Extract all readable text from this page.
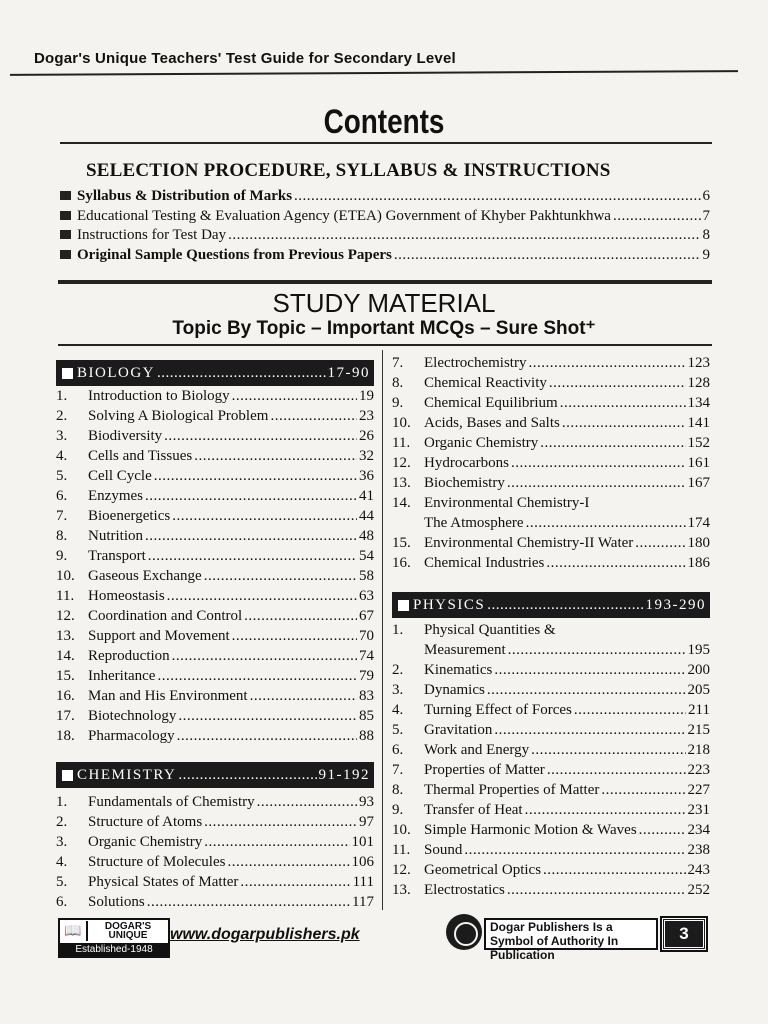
Dogar's Unique Teachers' Test Guide for Secondary Level
Contents
SELECTION PROCEDURE, SYLLABUS & INSTRUCTIONS
Syllabus & Distribution of Marks .....	6
Educational Testing & Evaluation Agency (ETEA) Government of Khyber Pakhtunkhwa .....	7
Instructions for Test Day .....	8
Original Sample Questions from Previous Papers .....	9
STUDY MATERIAL
Topic By Topic – Important MCQs – Sure Shot⁺
BIOLOGY .....	17-90
1.	Introduction to Biology .....	19
2.	Solving A Biological Problem .....	23
3.	Biodiversity .....	26
4.	Cells and Tissues .....	32
5.	Cell Cycle .....	36
6.	Enzymes .....	41
7.	Bioenergetics .....	44
8.	Nutrition .....	48
9.	Transport .....	54
10. Gaseous Exchange .....	58
11. Homeostasis .....	63
12. Coordination and Control .....	67
13. Support and Movement .....	70
14. Reproduction .....	74
15. Inheritance .....	79
16. Man and His Environment .....	83
17. Biotechnology .....	85
18. Pharmacology .....	88
CHEMISTRY .....	91-192
1.	Fundamentals of Chemistry .....	93
2.	Structure of Atoms .....	97
3.	Organic Chemistry .....	101
4.	Structure of Molecules .....	106
5.	Physical States of Matter .....	111
6.	Solutions .....	117
7.	Electrochemistry .....	123
8.	Chemical Reactivity .....	128
9.	Chemical Equilibrium .....	134
10. Acids, Bases and Salts .....	141
11. Organic Chemistry .....	152
12. Hydrocarbons .....	161
13. Biochemistry .....	167
14. Environmental Chemistry-I
The Atmosphere .....	174
15. Environmental Chemistry-II Water .....	180
16. Chemical Industries .....	186
PHYSICS .....	193-290
1.	Physical Quantities &
Measurement .....	195
2.	Kinematics .....	200
3.	Dynamics .....	205
4.	Turning Effect of Forces .....	211
5.	Gravitation .....	215
6.	Work and Energy .....	218
7.	Properties of Matter .....	223
8.	Thermal Properties of Matter .....	227
9.	Transfer of Heat .....	231
10. Simple Harmonic Motion & Waves .....	234
11. Sound .....	238
12. Geometrical Optics .....	243
13. Electrostatics .....	252
📖	DOGAR'S UNIQUE
Established-1948
www.dogarpublishers.pk	Dogar Publishers Is a Symbol of Authority In Publication
3
